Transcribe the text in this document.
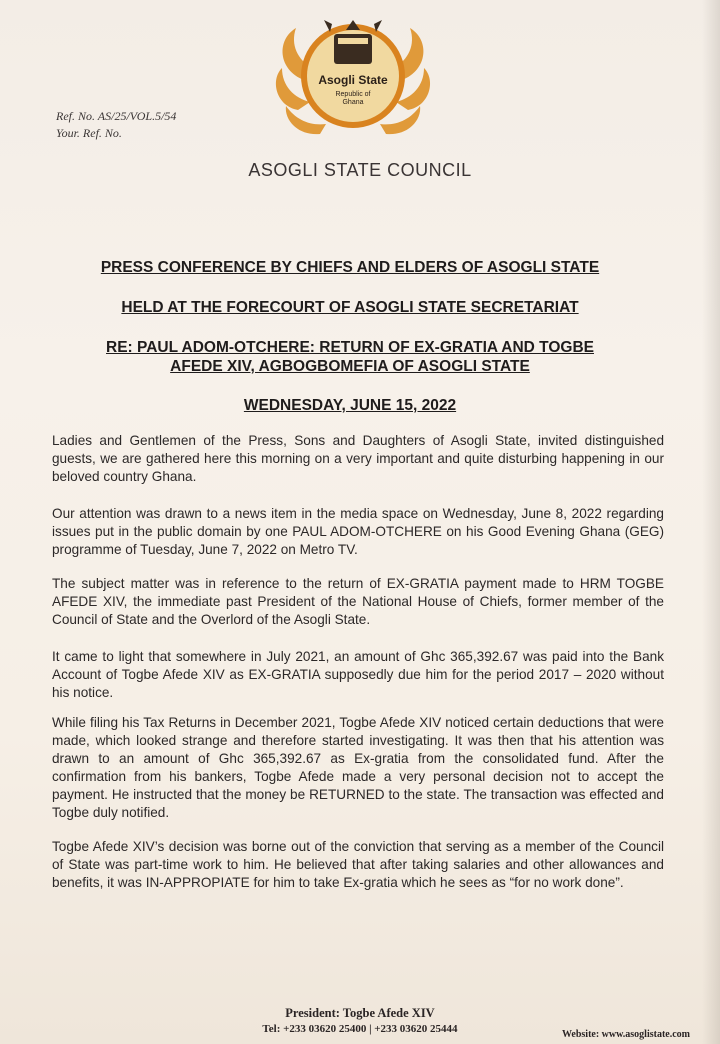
Asogli State
Republic of
Ghana
Ref. No. AS/25/VOL.5/54
Your. Ref. No.
ASOGLI STATE COUNCIL
PRESS CONFERENCE BY CHIEFS AND ELDERS OF ASOGLI STATE
HELD AT THE FORECOURT OF ASOGLI STATE SECRETARIAT
RE: PAUL ADOM-OTCHERE: RETURN OF EX-GRATIA AND TOGBE
AFEDE XIV, AGBOGBOMEFIA OF ASOGLI STATE
WEDNESDAY, JUNE 15, 2022
Ladies and Gentlemen of the Press, Sons and Daughters of Asogli State, invited distinguished guests, we are gathered here this morning on a very important and quite disturbing happening in our beloved country Ghana.
Our attention was drawn to a news item in the media space on Wednesday, June 8, 2022 regarding issues put in the public domain by one PAUL ADOM-OTCHERE on his Good Evening Ghana (GEG) programme of Tuesday, June 7, 2022 on Metro TV.
The subject matter was in reference to the return of EX-GRATIA payment made to HRM TOGBE AFEDE XIV, the immediate past President of the National House of Chiefs, former member of the Council of State and the Overlord of the Asogli State.
It came to light that somewhere in July 2021, an amount of Ghc 365,392.67 was paid into the Bank Account of Togbe Afede XIV as EX-GRATIA supposedly due him for the period 2017 – 2020 without his notice.
While filing his Tax Returns in December 2021, Togbe Afede XIV noticed certain deductions that were made, which looked strange and therefore started investigating. It was then that his attention was drawn to an amount of Ghc 365,392.67 as Ex-gratia from the consolidated fund. After the confirmation from his bankers, Togbe Afede made a very personal decision not to accept the payment. He instructed that the money be RETURNED to the state. The transaction was effected and Togbe duly notified.
Togbe Afede XIV’s decision was borne out of the conviction that serving as a member of the Council of State was part-time work to him. He believed that after taking salaries and other allowances and benefits, it was IN-APPROPIATE for him to take Ex-gratia which he sees as “for no work done”.
President: Togbe Afede XIV
Tel: +233 03620 25400 | +233 03620 25444	Website: www.asoglistate.com
